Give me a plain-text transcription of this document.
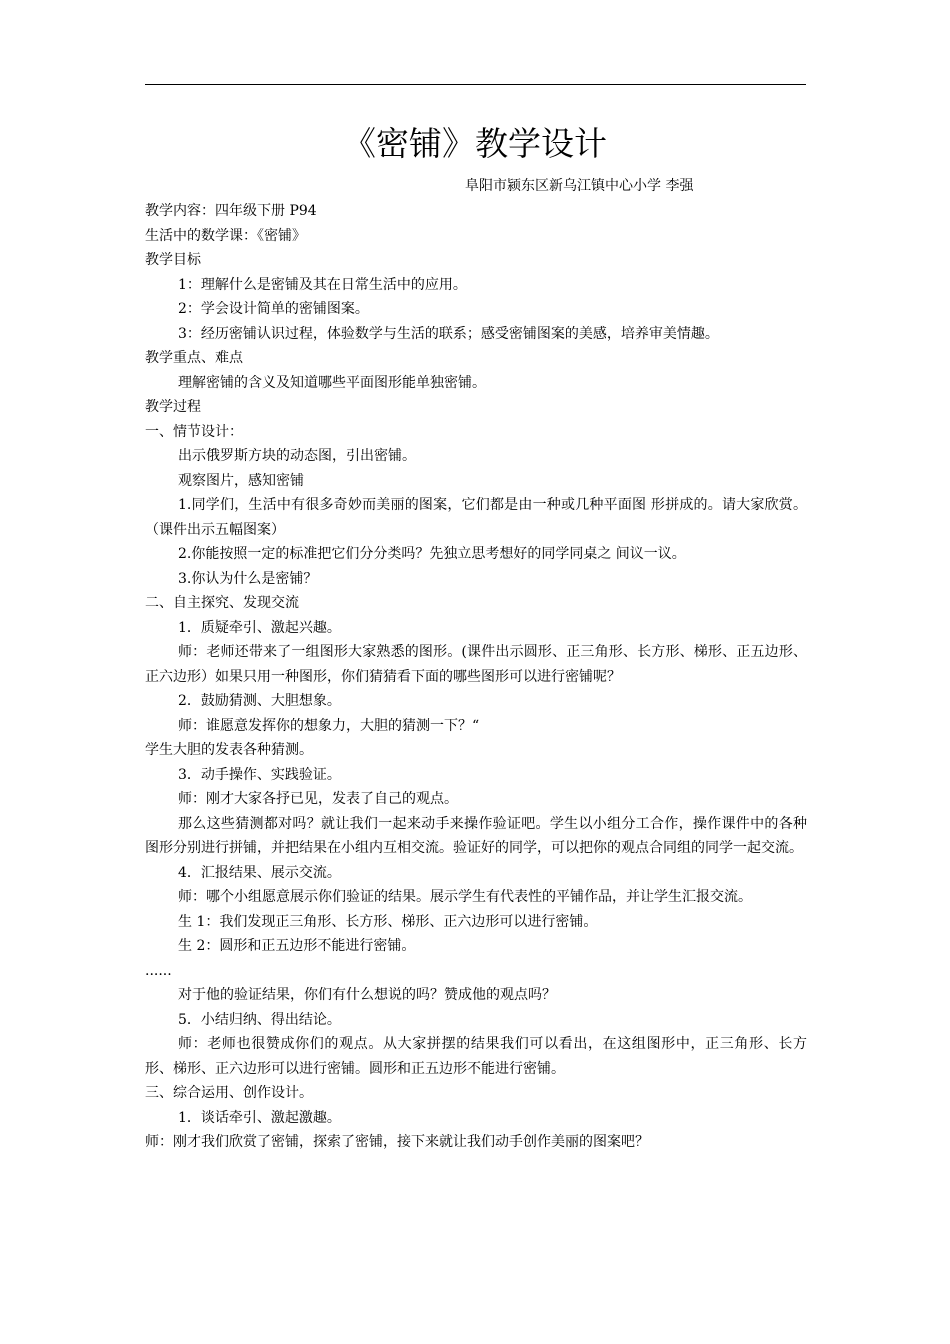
《密铺》教学设计
阜阳市颍东区新乌江镇中心小学 李强

教学内容：四年级下册 P94

生活中的数学课：《密铺》

教学目标

1：理解什么是密铺及其在日常生活中的应用。

2：学会设计简单的密铺图案。

3：经历密铺认识过程，体验数学与生活的联系；感受密铺图案的美感，培养审美情趣。

教学重点、难点

理解密铺的含义及知道哪些平面图形能单独密铺。

教学过程

一、情节设计：

出示俄罗斯方块的动态图，引出密铺。

观察图片，感知密铺

1.同学们，生活中有很多奇妙而美丽的图案，它们都是由一种或几种平面图 形拼成的。请大家欣赏。（课件出示五幅图案）

2.你能按照一定的标准把它们分分类吗？先独立思考想好的同学同桌之 间议一议。

3.你认为什么是密铺？

二、自主探究、发现交流

1．质疑牵引、激起兴趣。

师：老师还带来了一组图形大家熟悉的图形。(课件出示圆形、正三角形、长方形、梯形、正五边形、正六边形）如果只用一种图形，你们猜猜看下面的哪些图形可以进行密铺呢？

2．鼓励猜测、大胆想象。

师：谁愿意发挥你的想象力，大胆的猜测一下？“

学生大胆的发表各种猜测。

3．动手操作、实践验证。

师：刚才大家各抒已见，发表了自己的观点。

那么这些猜测都对吗？就让我们一起来动手来操作验证吧。学生以小组分工合作，操作课件中的各种图形分别进行拼铺，并把结果在小组内互相交流。验证好的同学，可以把你的观点合同组的同学一起交流。

4．汇报结果、展示交流。

师：哪个小组愿意展示你们验证的结果。展示学生有代表性的平铺作品，并让学生汇报交流。

生 1：我们发现正三角形、长方形、梯形、正六边形可以进行密铺。

生 2：圆形和正五边形不能进行密铺。

......

对于他的验证结果，你们有什么想说的吗？赞成他的观点吗？

5．小结归纳、得出结论。

师：老师也很赞成你们的观点。从大家拼摆的结果我们可以看出，在这组图形中，正三角形、长方形、梯形、正六边形可以进行密铺。圆形和正五边形不能进行密铺。

三、综合运用、创作设计。

1．谈话牵引、激起激趣。

师：刚才我们欣赏了密铺，探索了密铺，接下来就让我们动手创作美丽的图案吧？
